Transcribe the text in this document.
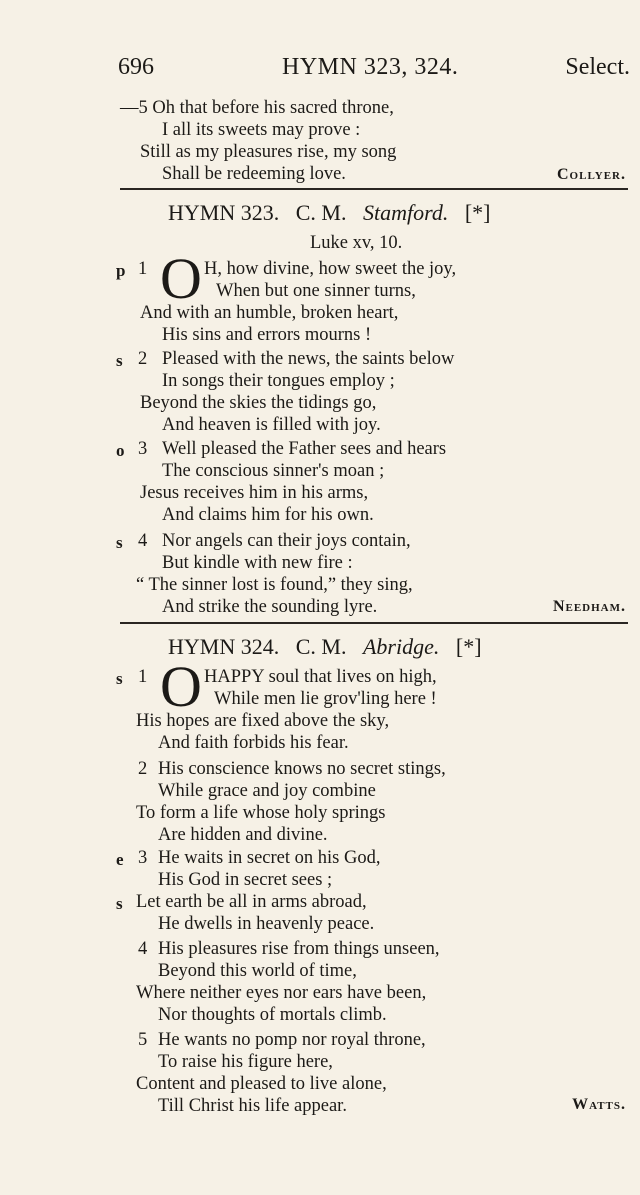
696	HYMN 323, 324.	Select.
—5 Oh that before his sacred throne,
I all its sweets may prove :
Still as my pleasures rise, my song
Shall be redeeming love.	Collyer.
HYMN 323. C. M. Stamford. [*]
Luke xv, 10.
p 1 O H, how divine, how sweet the joy,
When but one sinner turns,
And with an humble, broken heart,
His sins and errors mourns !
s 2 Pleased with the news, the saints below
In songs their tongues employ ;
Beyond the skies the tidings go,
And heaven is filled with joy.
o 3 Well pleased the Father sees and hears
The conscious sinner's moan ;
Jesus receives him in his arms,
And claims him for his own.
s 4 Nor angels can their joys contain,
But kindle with new fire :
“ The sinner lost is found,” they sing,
And strike the sounding lyre.	Needham.
HYMN 324. C. M. Abridge. [*]
s 1 O HAPPY soul that lives on high,
While men lie grov'ling here !
His hopes are fixed above the sky,
And faith forbids his fear.
2 His conscience knows no secret stings,
While grace and joy combine
To form a life whose holy springs
Are hidden and divine.
e 3 He waits in secret on his God,
His God in secret sees ;
s Let earth be all in arms abroad,
He dwells in heavenly peace.
4 His pleasures rise from things unseen,
Beyond this world of time,
Where neither eyes nor ears have been,
Nor thoughts of mortals climb.
5 He wants no pomp nor royal throne,
To raise his figure here,
Content and pleased to live alone,
Till Christ his life appear.	Watts.
